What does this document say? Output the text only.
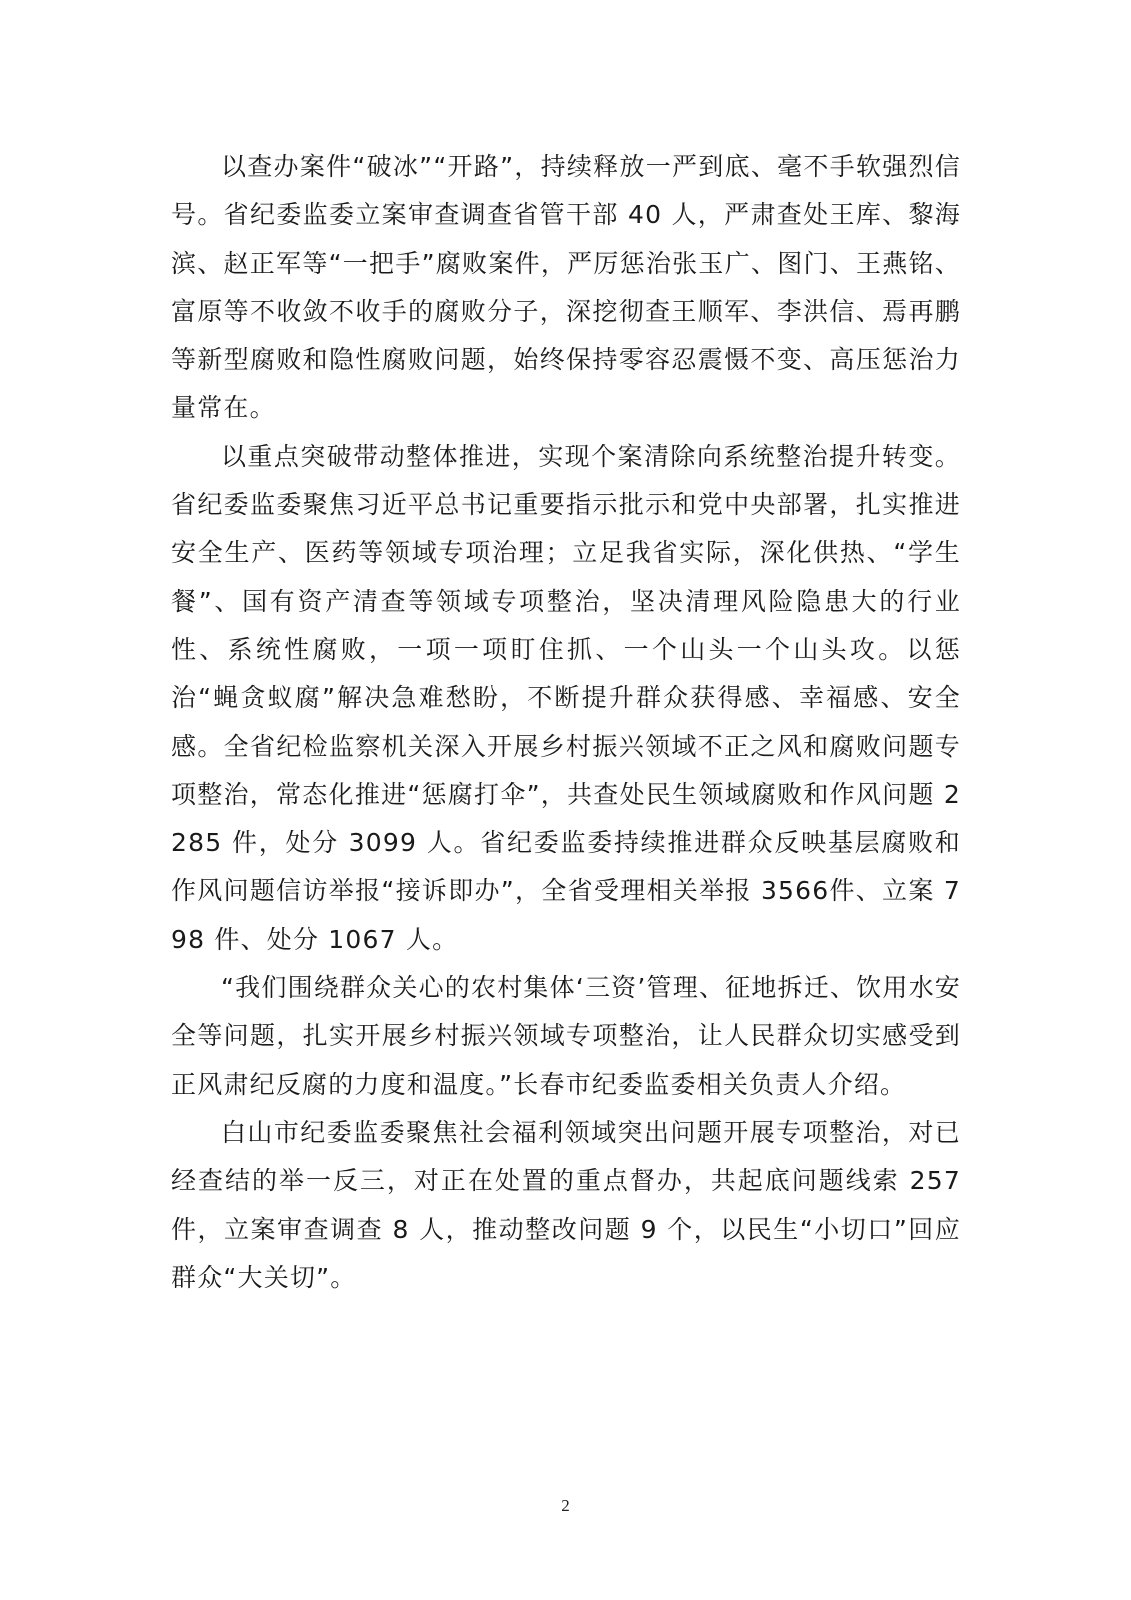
以查办案件“破冰”“开路”，持续释放一严到底、毫不手软强烈信号。省纪委监委立案审查调查省管干部 40 人，严肃查处王库、黎海滨、赵正军等“一把手”腐败案件，严厉惩治张玉广、图门、王燕铭、富原等不收敛不收手的腐败分子，深挖彻查王顺军、李洪信、焉再鹏等新型腐败和隐性腐败问题，始终保持零容忍震慑不变、高压惩治力量常在。

以重点突破带动整体推进，实现个案清除向系统整治提升转变。省纪委监委聚焦习近平总书记重要指示批示和党中央部署，扎实推进安全生产、医药等领域专项治理；立足我省实际，深化供热、“学生餐”、国有资产清查等领域专项整治，坚决清理风险隐患大的行业性、系统性腐败，一项一项盯住抓、一个山头一个山头攻。以惩治“蝇贪蚁腐”解决急难愁盼，不断提升群众获得感、幸福感、安全感。全省纪检监察机关深入开展乡村振兴领域不正之风和腐败问题专项整治，常态化推进“惩腐打伞”，共查处民生领域腐败和作风问题 2285 件，处分 3099 人。省纪委监委持续推进群众反映基层腐败和作风问题信访举报“接诉即办”，全省受理相关举报 3566件、立案 798 件、处分 1067 人。

“我们围绕群众关心的农村集体‘三资’管理、征地拆迁、饮用水安全等问题，扎实开展乡村振兴领域专项整治，让人民群众切实感受到正风肃纪反腐的力度和温度。”长春市纪委监委相关负责人介绍。

白山市纪委监委聚焦社会福利领域突出问题开展专项整治，对已经查结的举一反三，对正在处置的重点督办，共起底问题线索 257件，立案审查调查 8 人，推动整改问题 9 个，以民生“小切口”回应群众“大关切”。

2
